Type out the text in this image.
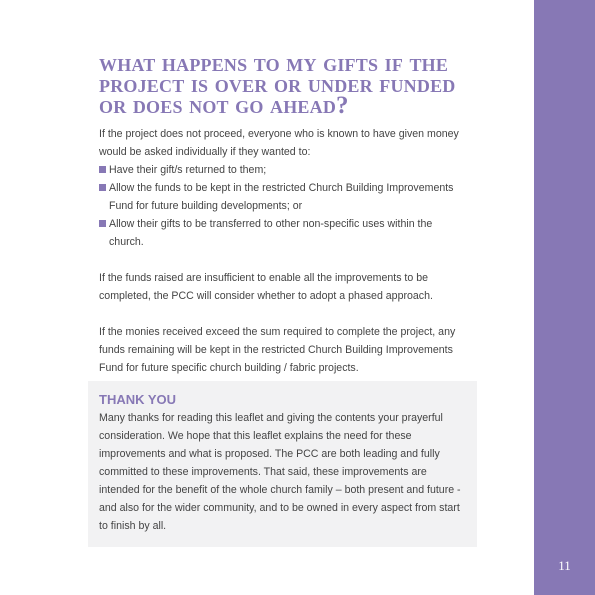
11
what happens to my gifts if the project is over or under funded or does not go ahead?

If the project does not proceed, everyone who is known to have given money would be asked individually if they wanted to:

Have their gift/s returned to them;
Allow the funds to be kept in the restricted Church Building Improvements Fund for future building developments; or
Allow their gifts to be transferred to other non-specific uses within the church.

If the funds raised are insufficient to enable all the improvements to be completed, the PCC will consider whether to adopt a phased approach.

If the monies received exceed the sum required to complete the project, any funds remaining will be kept in the restricted Church Building Improvements Fund for future specific church building / fabric projects.

THANK YOU

Many thanks for reading this leaflet and giving the contents your prayerful consideration. We hope that this leaflet explains the need for these improvements and what is proposed. The PCC are both leading and fully committed to these improvements. That said, these improvements are intended for the benefit of the whole church family – both present and future - and also for the wider community, and to be owned in every aspect from start to finish by all.
